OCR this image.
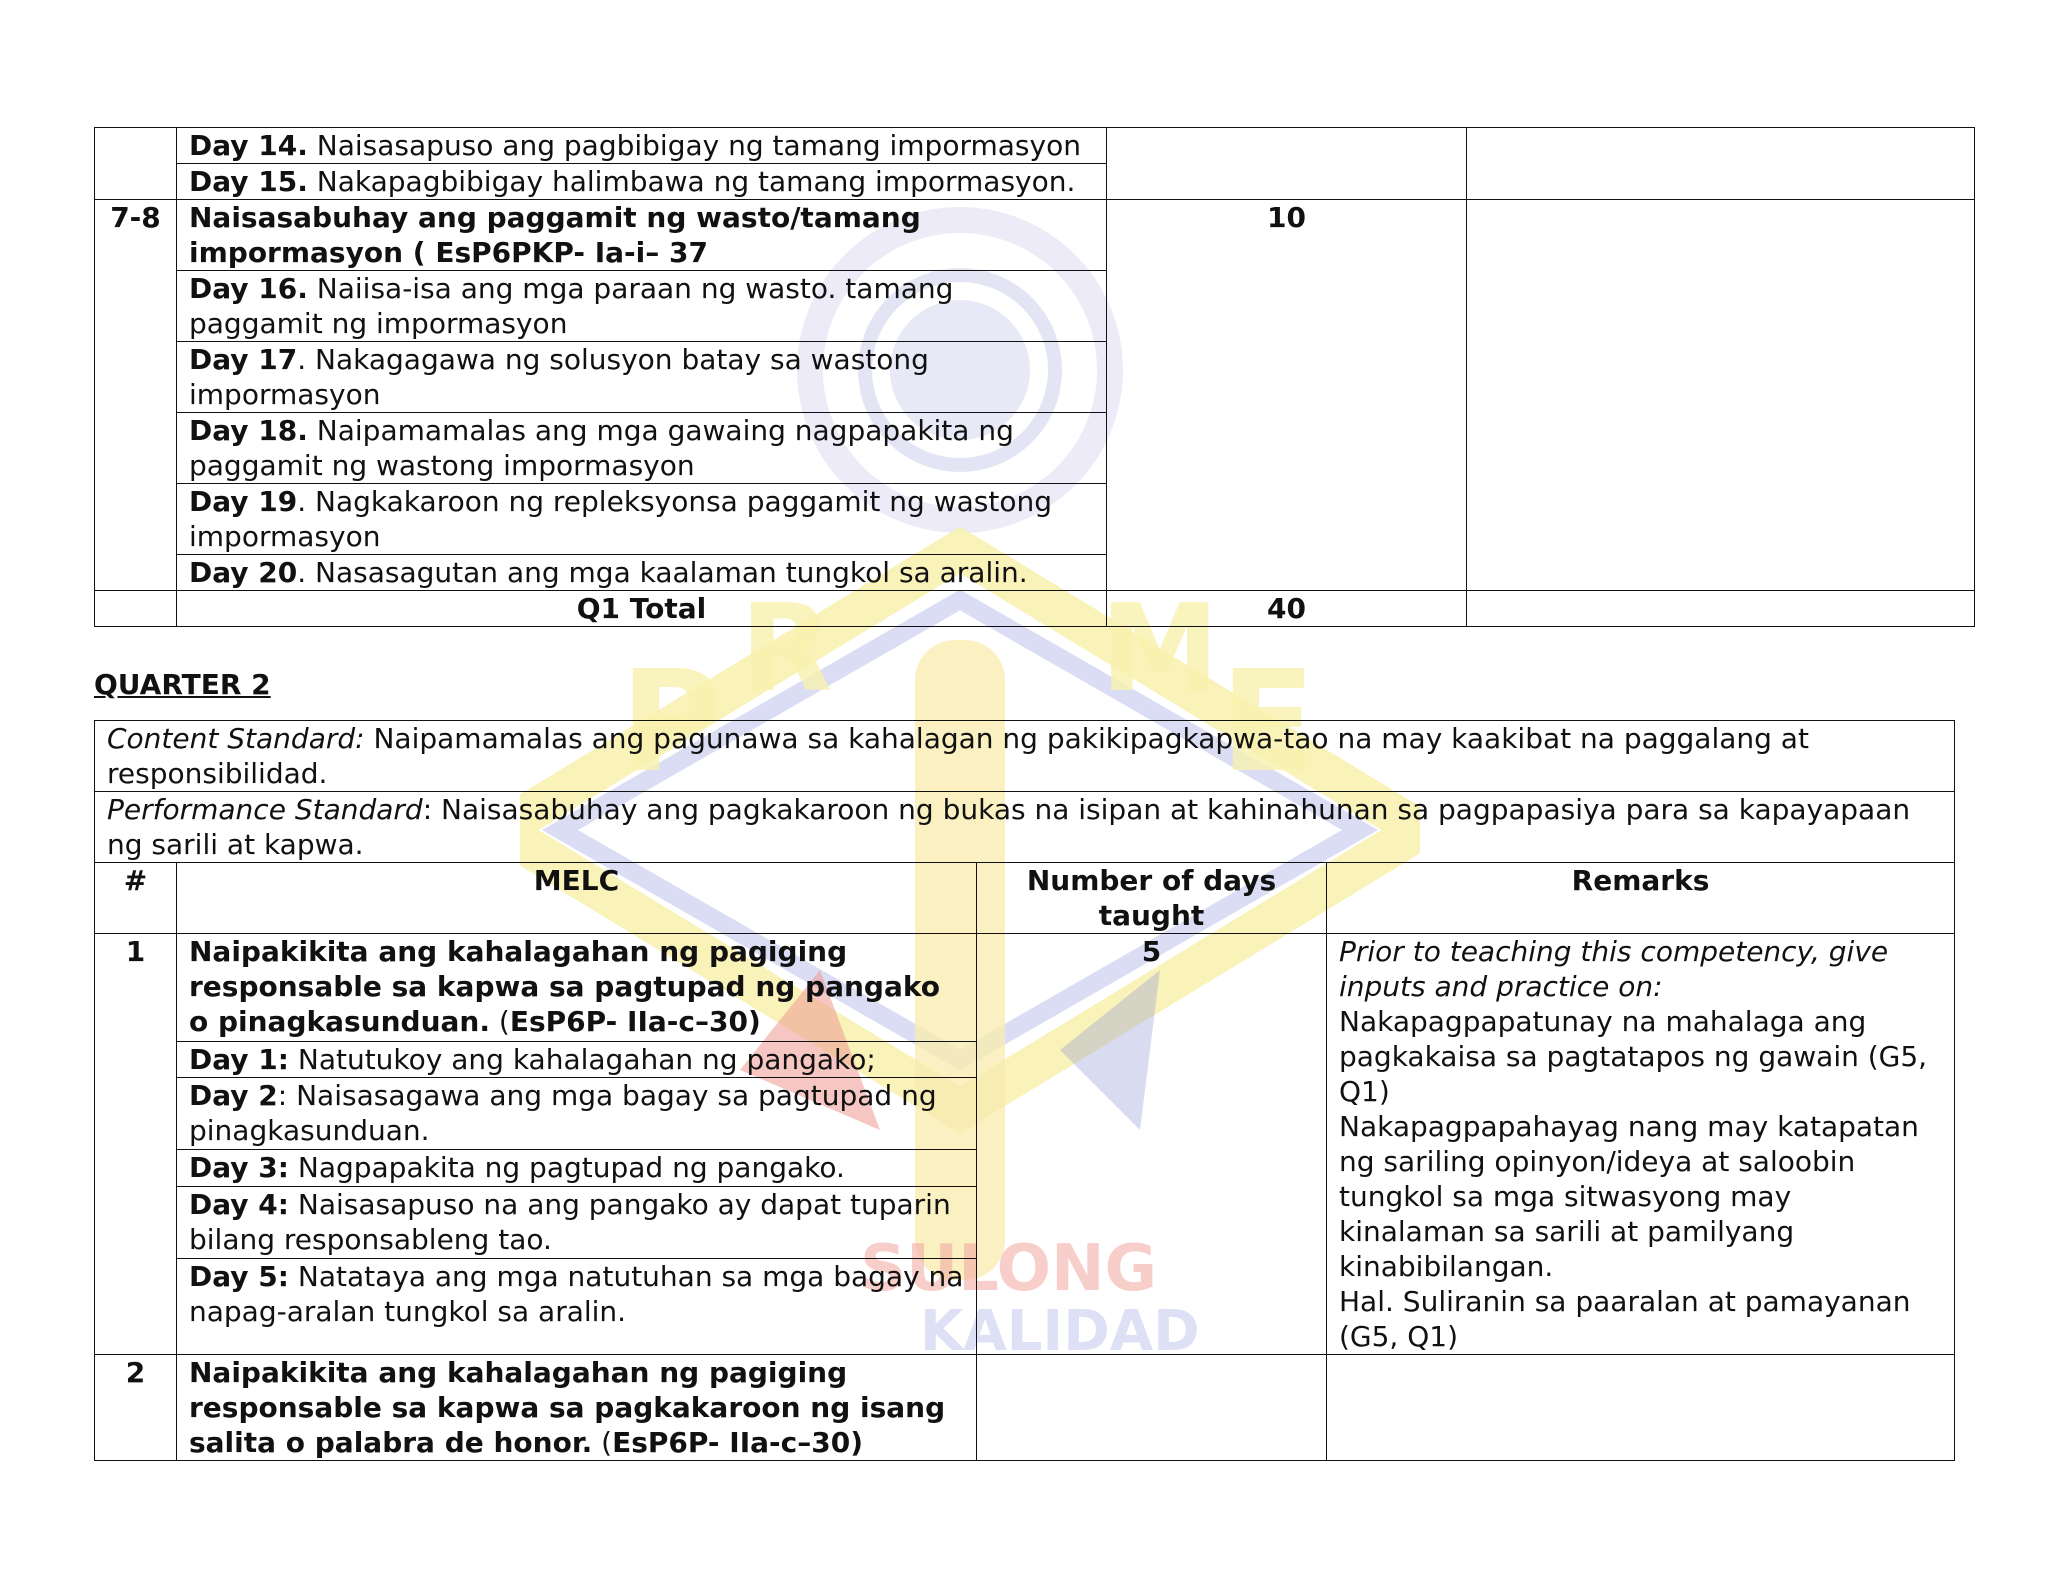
P R M E
SULONG
KALIDAD
	Day 14. Naisasapuso ang pagbibigay ng tamang impormasyon		
	Day 15. Nakapagbibigay halimbawa ng tamang impormasyon.		
7-8	Naisasabuhay ang paggamit ng wasto/tamang impormasyon ( EsP6PKP- Ia-i– 37	10	
	Day 16. Naiisa-isa ang mga paraan ng wasto. tamang paggamit ng impormasyon		
	Day 17. Nakagagawa ng solusyon batay sa wastong impormasyon		
	Day 18. Naipamamalas ang mga gawaing nagpapakita ng paggamit ng wastong impormasyon		
	Day 19. Nagkakaroon ng repleksyonsa paggamit ng wastong impormasyon		
	Day 20. Nasasagutan ang mga kaalaman tungkol sa aralin.		
	Q1 Total	40	
QUARTER 2
Content Standard: Naipamamalas ang pagunawa sa kahalagan ng pakikipagkapwa-tao na may kaakibat na paggalang at responsibilidad.			
Performance Standard: Naisasabuhay ang pagkakaroon ng bukas na isipan at kahinahunan sa pagpapasiya para sa kapayapaan ng sarili at kapwa.			
#	MELC	Number of days taught	Remarks
1	Naipakikita ang kahalagahan ng pagiging responsable sa kapwa sa pagtupad ng pangako o pinagkasunduan. (EsP6P- IIa-c–30)	5	Prior to teaching this competency, give inputs and practice on:
Nakapagpapatunay na mahalaga ang pagkakaisa sa pagtatapos ng gawain (G5, Q1)
Nakapagpapahayag nang may katapatan ng sariling opinyon/ideya at saloobin tungkol sa mga sitwasyong may kinalaman sa sarili at pamilyang kinabibilangan.
Hal. Suliranin sa paaralan at pamayanan (G5, Q1)

	Day 1: Natutukoy ang kahalagahan ng pangako;		
	Day 2: Naisasagawa ang mga bagay sa pagtupad ng pinagkasunduan.		
	Day 3: Nagpapakita ng pagtupad ng pangako.		
	Day 4: Naisasapuso na ang pangako ay dapat tuparin bilang responsableng tao.		
	Day 5: Natataya ang mga natutuhan sa mga bagay na napag-aralan tungkol sa aralin.		
2	Naipakikita ang kahalagahan ng pagiging responsable sa kapwa sa pagkakaroon ng isang salita o palabra de honor. (EsP6P- IIa-c–30)		
